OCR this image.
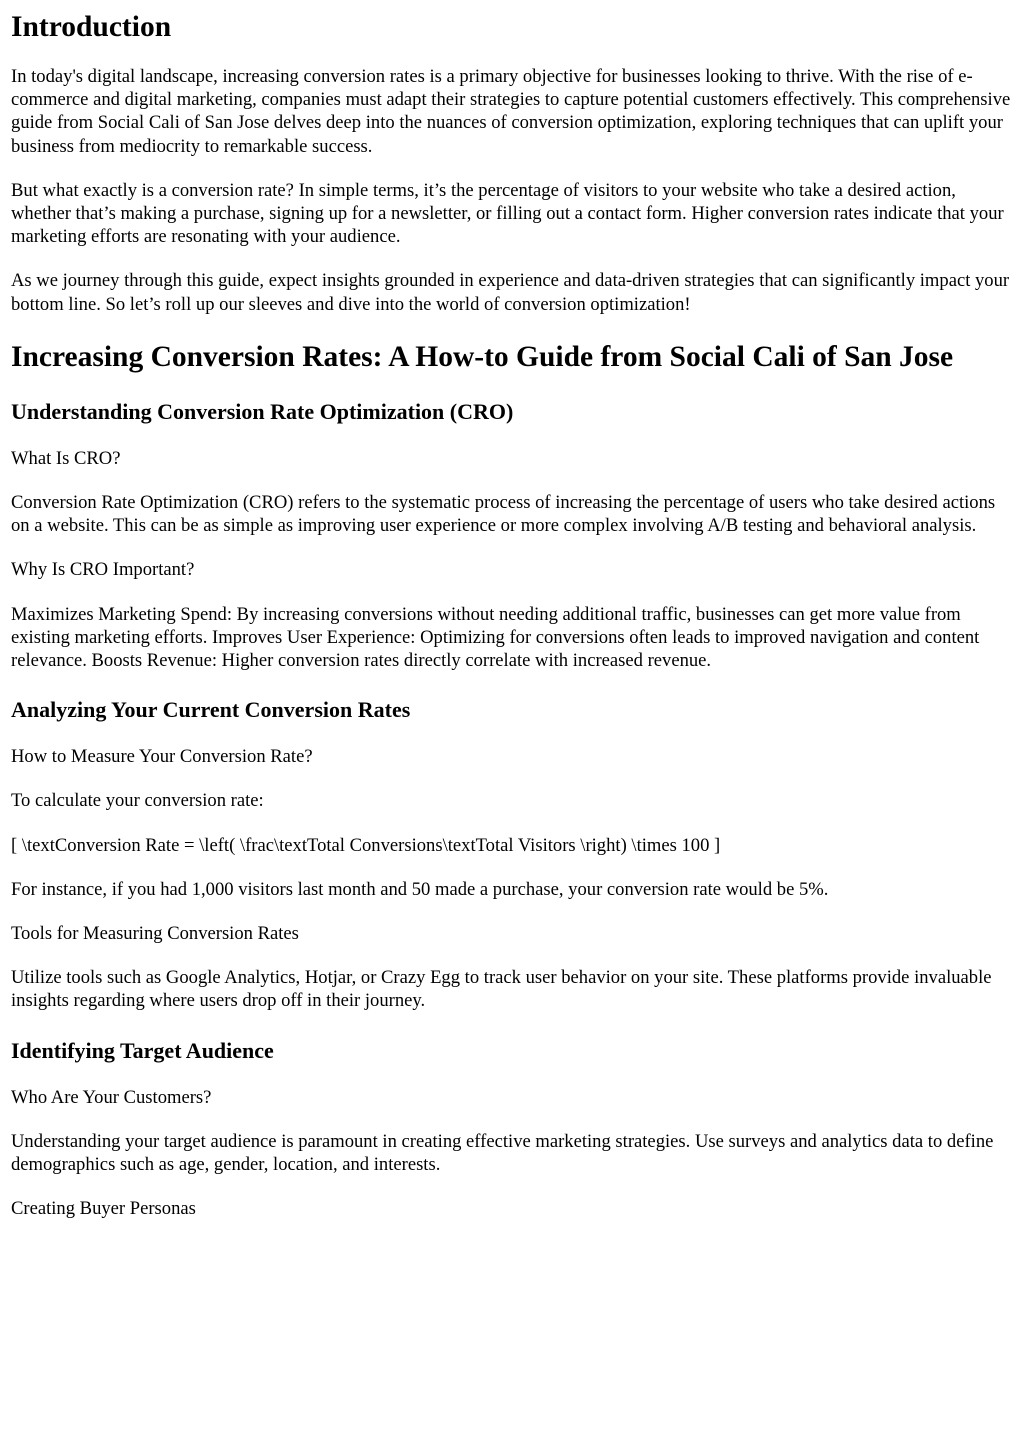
Introduction

In today's digital landscape, increasing conversion rates is a primary objective for businesses looking to thrive. With the rise of e-commerce and digital marketing, companies must adapt their strategies to capture potential customers effectively. This comprehensive guide from Social Cali of San Jose delves deep into the nuances of conversion optimization, exploring techniques that can uplift your business from mediocrity to remarkable success.

But what exactly is a conversion rate? In simple terms, it’s the percentage of visitors to your website who take a desired action, whether that’s making a purchase, signing up for a newsletter, or filling out a contact form. Higher conversion rates indicate that your marketing efforts are resonating with your audience.

As we journey through this guide, expect insights grounded in experience and data-driven strategies that can significantly impact your bottom line. So let’s roll up our sleeves and dive into the world of conversion optimization!

Increasing Conversion Rates: A How-to Guide from Social Cali of San Jose
Understanding Conversion Rate Optimization (CRO)

What Is CRO?

Conversion Rate Optimization (CRO) refers to the systematic process of increasing the percentage of users who take desired actions on a website. This can be as simple as improving user experience or more complex involving A/B testing and behavioral analysis.

Why Is CRO Important?

Maximizes Marketing Spend: By increasing conversions without needing additional traffic, businesses can get more value from existing marketing efforts. Improves User Experience: Optimizing for conversions often leads to improved navigation and content relevance. Boosts Revenue: Higher conversion rates directly correlate with increased revenue.

Analyzing Your Current Conversion Rates

How to Measure Your Conversion Rate?

To calculate your conversion rate:

[ \textConversion Rate = \left( \frac\textTotal Conversions\textTotal Visitors \right) \times 100 ]

For instance, if you had 1,000 visitors last month and 50 made a purchase, your conversion rate would be 5%.

Tools for Measuring Conversion Rates

Utilize tools such as Google Analytics, Hotjar, or Crazy Egg to track user behavior on your site. These platforms provide invaluable insights regarding where users drop off in their journey.

Identifying Target Audience

Who Are Your Customers?

Understanding your target audience is paramount in creating effective marketing strategies. Use surveys and analytics data to define demographics such as age, gender, location, and interests.

Creating Buyer Personas
